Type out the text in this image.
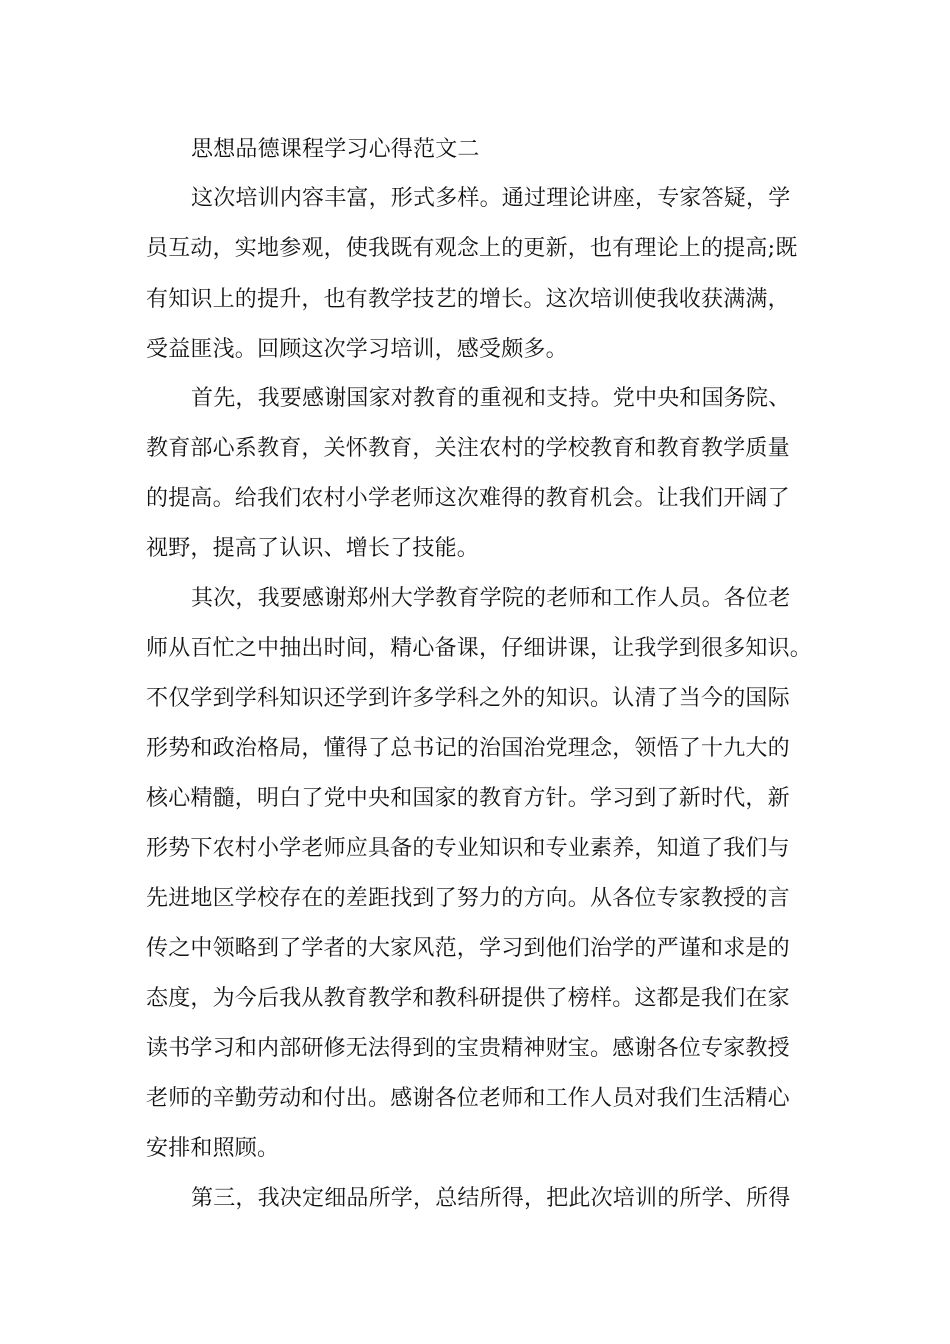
思想品德课程学习心得范文二
这次培训内容丰富，形式多样。通过理论讲座，专家答疑，学
员互动，实地参观，使我既有观念上的更新，也有理论上的提高;既
有知识上的提升，也有教学技艺的增长。这次培训使我收获满满，
受益匪浅。回顾这次学习培训，感受颇多。
首先，我要感谢国家对教育的重视和支持。党中央和国务院、
教育部心系教育，关怀教育，关注农村的学校教育和教育教学质量
的提高。给我们农村小学老师这次难得的教育机会。让我们开阔了
视野，提高了认识、增长了技能。
其次，我要感谢郑州大学教育学院的老师和工作人员。各位老
师从百忙之中抽出时间，精心备课，仔细讲课，让我学到很多知识。
不仅学到学科知识还学到许多学科之外的知识。认清了当今的国际
形势和政治格局，懂得了总书记的治国治党理念，领悟了十九大的
核心精髓，明白了党中央和国家的教育方针。学习到了新时代，新
形势下农村小学老师应具备的专业知识和专业素养，知道了我们与
先进地区学校存在的差距找到了努力的方向。从各位专家教授的言
传之中领略到了学者的大家风范，学习到他们治学的严谨和求是的
态度，为今后我从教育教学和教科研提供了榜样。这都是我们在家
读书学习和内部研修无法得到的宝贵精神财宝。感谢各位专家教授
老师的辛勤劳动和付出。感谢各位老师和工作人员对我们生活精心
安排和照顾。
第三，我决定细品所学，总结所得，把此次培训的所学、所得
